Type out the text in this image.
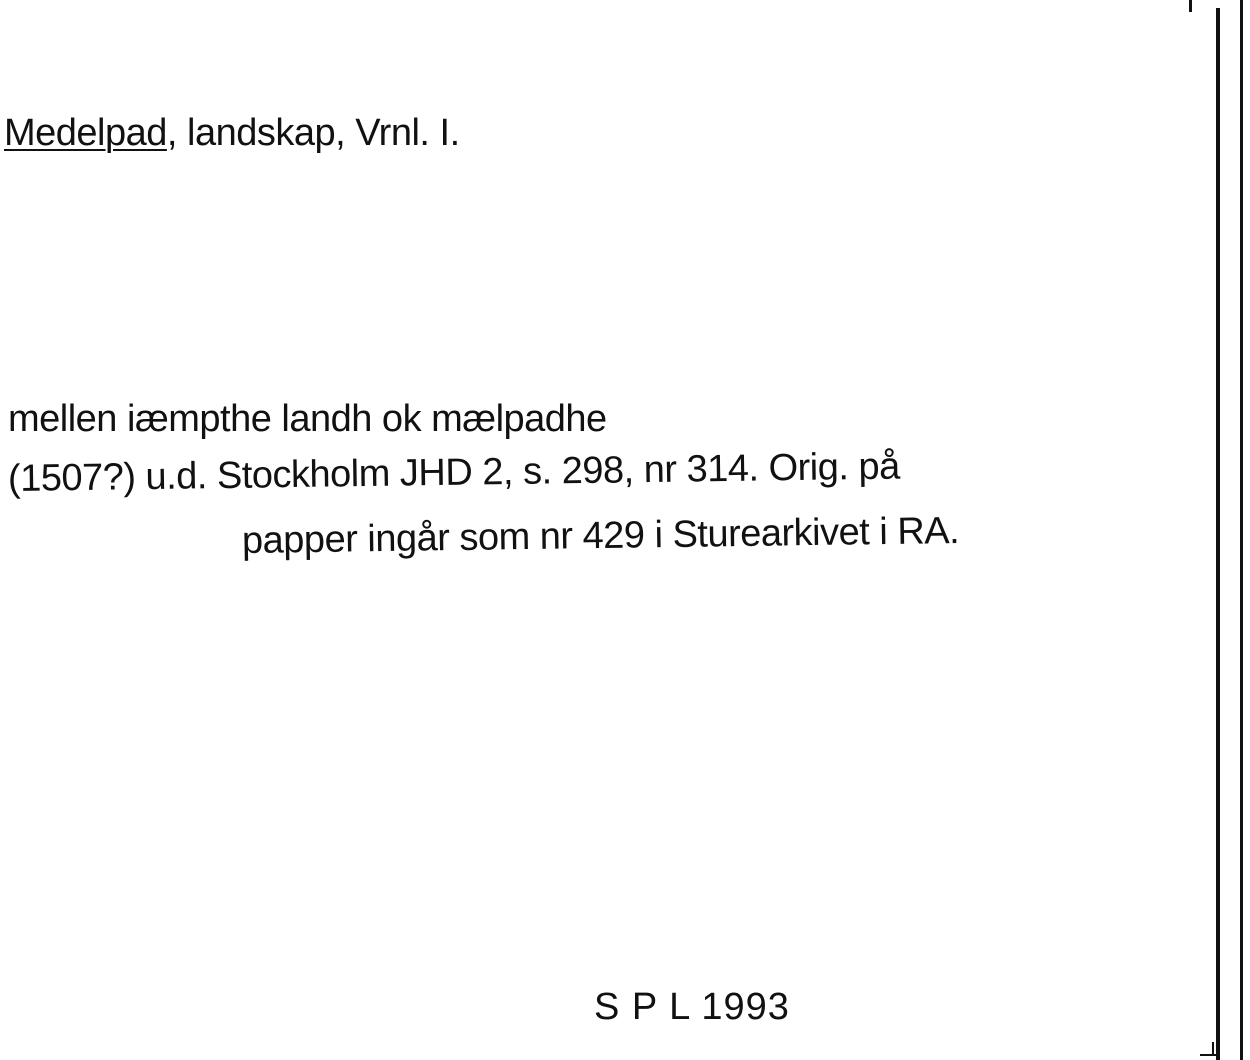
Medelpad, landskap, Vrnl. I.
mellen iæmpthe landh ok mælpadhe
(1507?) u.d. Stockholm JHD 2, s. 298, nr 314. Orig. på
papper ingår som nr 429 i Sturearkivet i RA.
S P L 1993
